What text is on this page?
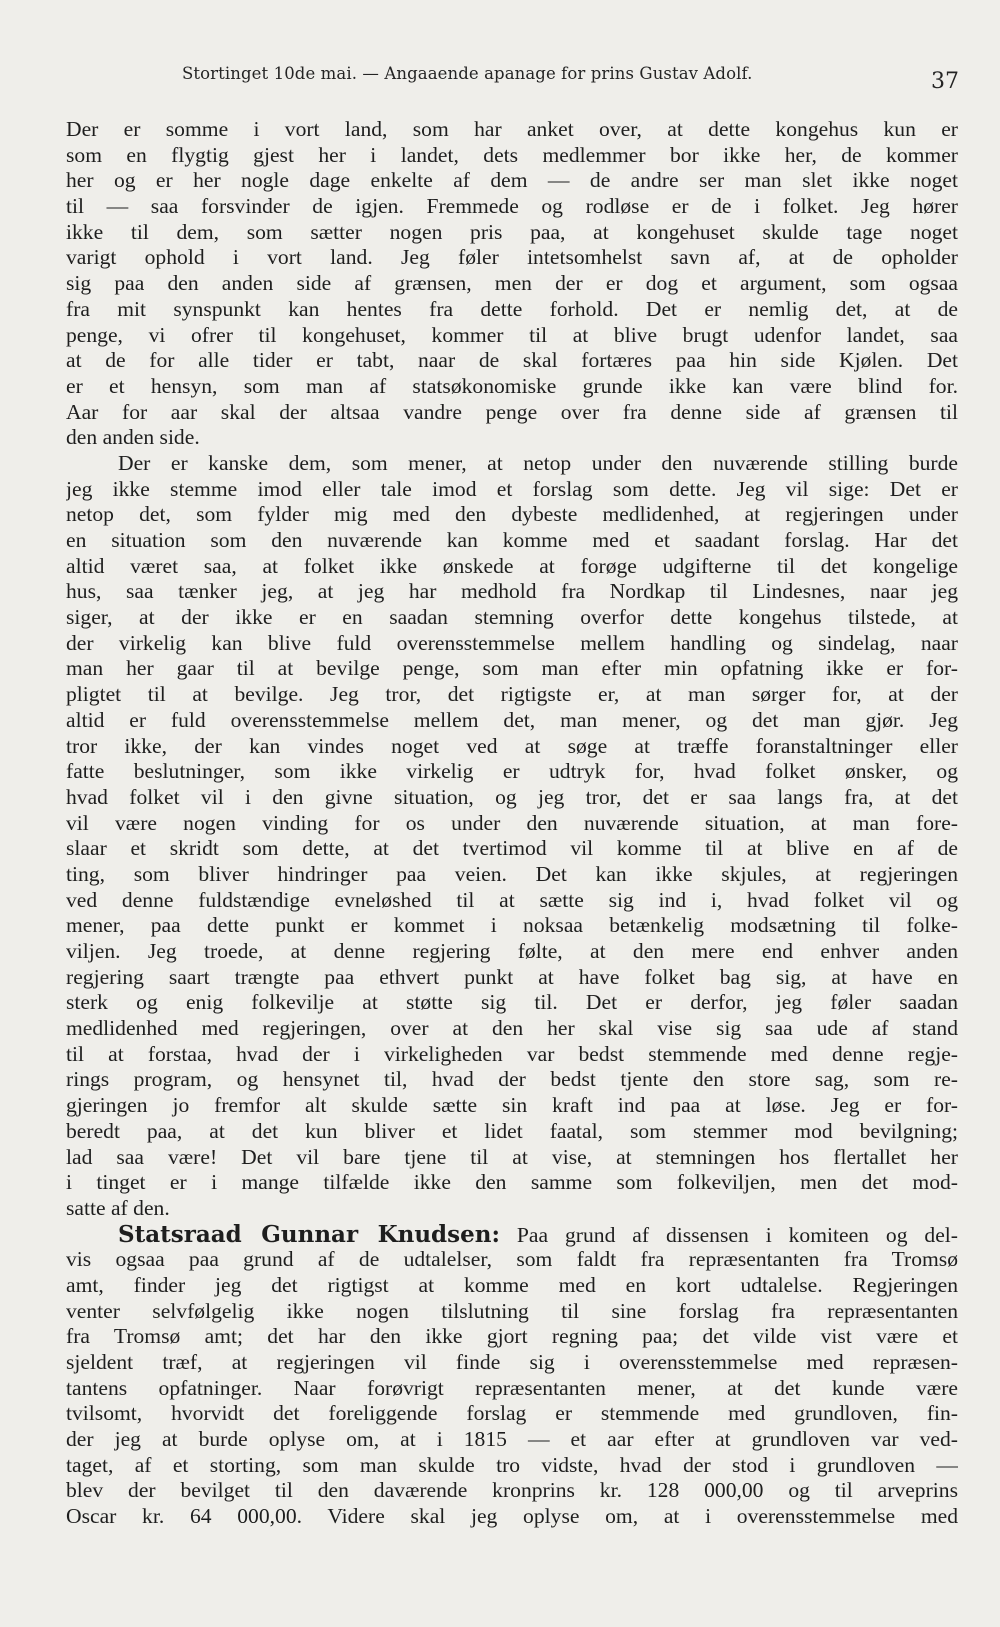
Stortinget 10de mai. — Angaaende apanage for prins Gustav Adolf.	37
Der er somme i vort land, som har anket over, at dette kongehus kun er
som en flygtig gjest her i landet, dets medlemmer bor ikke her, de kommer
her og er her nogle dage enkelte af dem — de andre ser man slet ikke noget
til — saa forsvinder de igjen. Fremmede og rodløse er de i folket. Jeg hører
ikke til dem, som sætter nogen pris paa, at kongehuset skulde tage noget
varigt ophold i vort land. Jeg føler intetsomhelst savn af, at de opholder
sig paa den anden side af grænsen, men der er dog et argument, som ogsaa
fra mit synspunkt kan hentes fra dette forhold. Det er nemlig det, at de
penge, vi ofrer til kongehuset, kommer til at blive brugt udenfor landet, saa
at de for alle tider er tabt, naar de skal fortæres paa hin side Kjølen. Det
er et hensyn, som man af statsøkonomiske grunde ikke kan være blind for.
Aar for aar skal der altsaa vandre penge over fra denne side af grænsen til
den anden side.
Der er kanske dem, som mener, at netop under den nuværende stilling burde
jeg ikke stemme imod eller tale imod et forslag som dette. Jeg vil sige: Det er
netop det, som fylder mig med den dybeste medlidenhed, at regjeringen under
en situation som den nuværende kan komme med et saadant forslag. Har det
altid været saa, at folket ikke ønskede at forøge udgifterne til det kongelige
hus, saa tænker jeg, at jeg har medhold fra Nordkap til Lindesnes, naar jeg
siger, at der ikke er en saadan stemning overfor dette kongehus tilstede, at
der virkelig kan blive fuld overensstemmelse mellem handling og sindelag, naar
man her gaar til at bevilge penge, som man efter min opfatning ikke er for-
pligtet til at bevilge. Jeg tror, det rigtigste er, at man sørger for, at der
altid er fuld overensstemmelse mellem det, man mener, og det man gjør. Jeg
tror ikke, der kan vindes noget ved at søge at træffe foranstaltninger eller
fatte beslutninger, som ikke virkelig er udtryk for, hvad folket ønsker, og
hvad folket vil i den givne situation, og jeg tror, det er saa langs fra, at det
vil være nogen vinding for os under den nuværende situation, at man fore-
slaar et skridt som dette, at det tvertimod vil komme til at blive en af de
ting, som bliver hindringer paa veien. Det kan ikke skjules, at regjeringen
ved denne fuldstændige evneløshed til at sætte sig ind i, hvad folket vil og
mener, paa dette punkt er kommet i noksaa betænkelig modsætning til folke-
viljen. Jeg troede, at denne regjering følte, at den mere end enhver anden
regjering saart trængte paa ethvert punkt at have folket bag sig, at have en
sterk og enig folkevilje at støtte sig til. Det er derfor, jeg føler saadan
medlidenhed med regjeringen, over at den her skal vise sig saa ude af stand
til at forstaa, hvad der i virkeligheden var bedst stemmende med denne regje-
rings program, og hensynet til, hvad der bedst tjente den store sag, som re-
gjeringen jo fremfor alt skulde sætte sin kraft ind paa at løse. Jeg er for-
beredt paa, at det kun bliver et lidet faatal, som stemmer mod bevilgning;
lad saa være! Det vil bare tjene til at vise, at stemningen hos flertallet her
i tinget er i mange tilfælde ikke den samme som folkeviljen, men det mod-
satte af den.
Statsraad Gunnar Knudsen: Paa grund af dissensen i komiteen og del-
vis ogsaa paa grund af de udtalelser, som faldt fra repræsentanten fra Tromsø
amt, finder jeg det rigtigst at komme med en kort udtalelse. Regjeringen
venter selvfølgelig ikke nogen tilslutning til sine forslag fra repræsentanten
fra Tromsø amt; det har den ikke gjort regning paa; det vilde vist være et
sjeldent træf, at regjeringen vil finde sig i overensstemmelse med repræsen-
tantens opfatninger. Naar forøvrigt repræsentanten mener, at det kunde være
tvilsomt, hvorvidt det foreliggende forslag er stemmende med grundloven, fin-
der jeg at burde oplyse om, at i 1815 — et aar efter at grundloven var ved-
taget, af et storting, som man skulde tro vidste, hvad der stod i grundloven —
blev der bevilget til den daværende kronprins kr. 128 000,00 og til arveprins
Oscar kr. 64 000,00. Videre skal jeg oplyse om, at i overensstemmelse med
